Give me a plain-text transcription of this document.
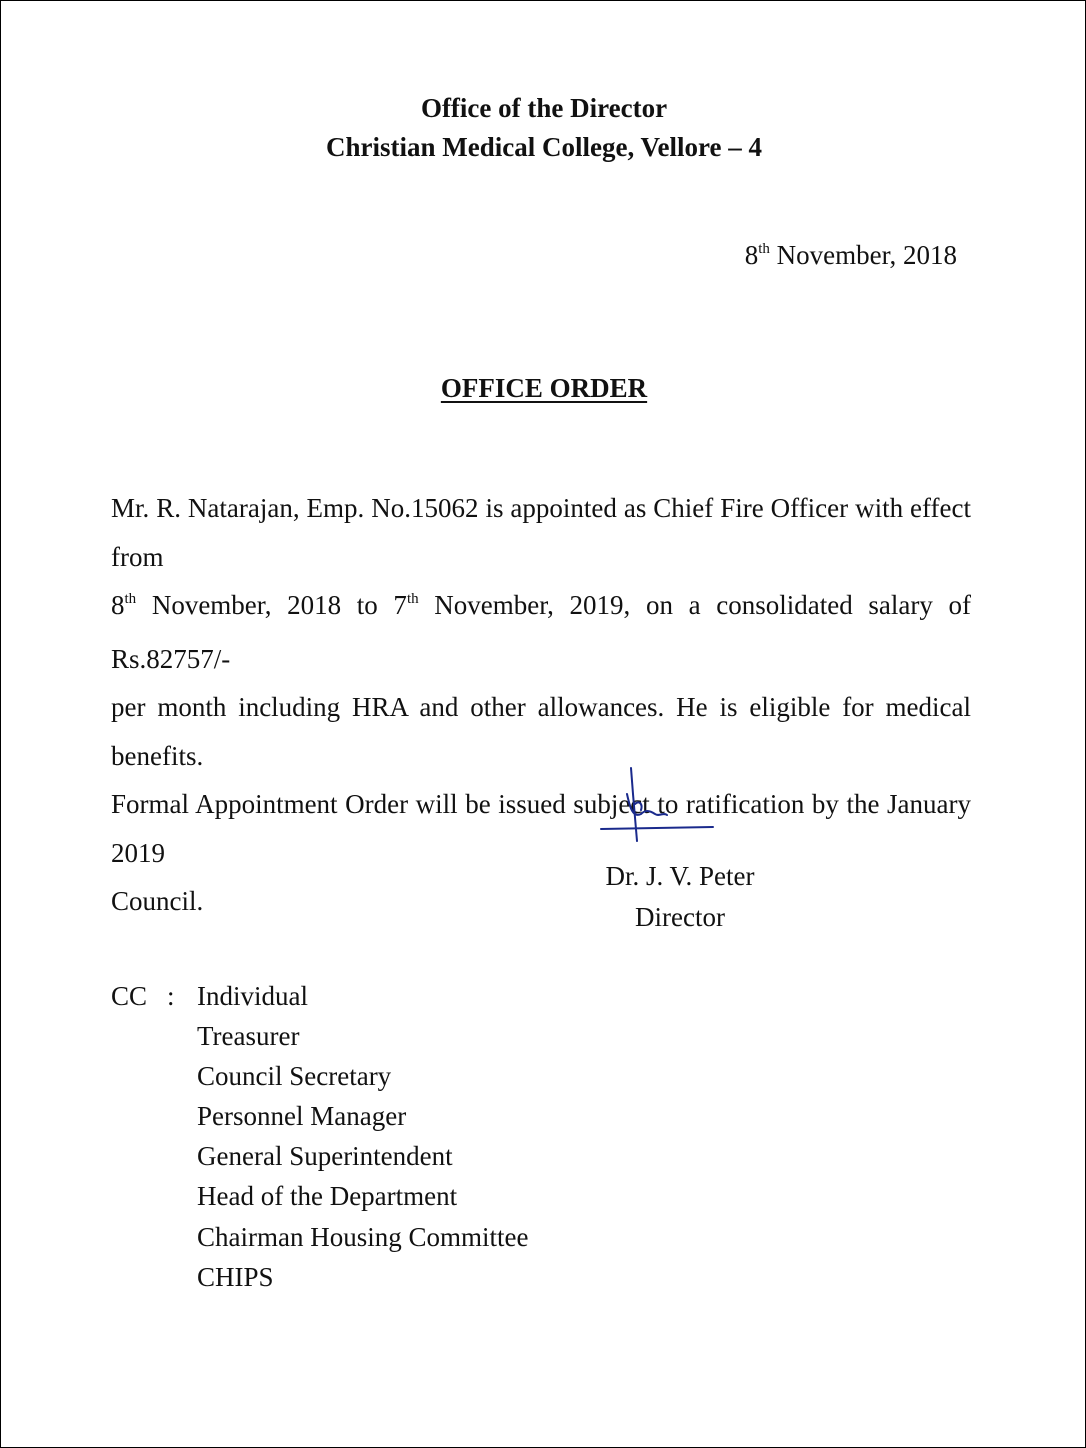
Office of the Director
Christian Medical College, Vellore – 4
8th November, 2018
OFFICE ORDER
Mr. R. Natarajan, Emp. No.15062 is appointed as Chief Fire Officer with effect from
8th November, 2018 to 7th November, 2019, on a consolidated salary of Rs.82757/-
per month including HRA and other allowances. He is eligible for medical benefits.
Formal Appointment Order will be issued subject to ratification by the January 2019
Council.
Dr. J. V. Peter
Director
CC : Individual
Treasurer
Council Secretary
Personnel Manager
General Superintendent
Head of the Department
Chairman Housing Committee
CHIPS
